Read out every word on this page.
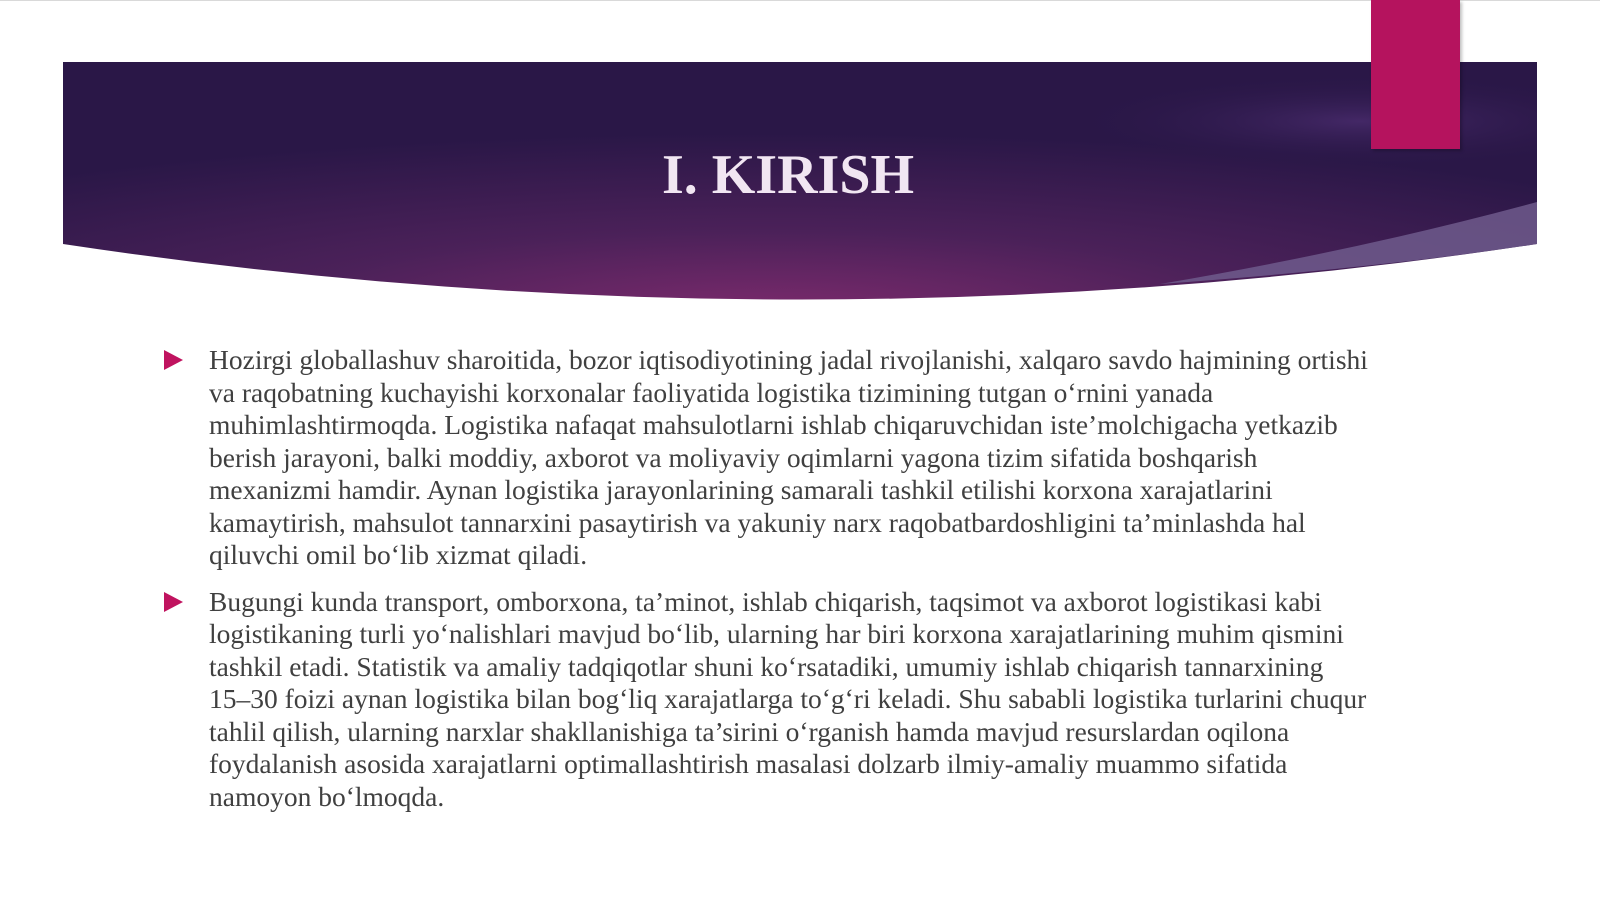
I. KIRISH

Hozirgi globallashuv sharoitida, bozor iqtisodiyotining jadal rivojlanishi, xalqaro savdo hajmining ortishi va raqobatning kuchayishi korxonalar faoliyatida logistika tizimining tutgan o‘rnini yanada muhimlashtirmoqda. Logistika nafaqat mahsulotlarni ishlab chiqaruvchidan iste’molchigacha yetkazib berish jarayoni, balki moddiy, axborot va moliyaviy oqimlarni yagona tizim sifatida boshqarish mexanizmi hamdir. Aynan logistika jarayonlarining samarali tashkil etilishi korxona xarajatlarini kamaytirish, mahsulot tannarxini pasaytirish va yakuniy narx raqobatbardoshligini ta’minlashda hal qiluvchi omil bo‘lib xizmat qiladi.

Bugungi kunda transport, omborxona, ta’minot, ishlab chiqarish, taqsimot va axborot logistikasi kabi logistikaning turli yo‘nalishlari mavjud bo‘lib, ularning har biri korxona xarajatlarining muhim qismini tashkil etadi. Statistik va amaliy tadqiqotlar shuni ko‘rsatadiki, umumiy ishlab chiqarish tannarxining 15–30 foizi aynan logistika bilan bog‘liq xarajatlarga to‘g‘ri keladi. Shu sababli logistika turlarini chuqur tahlil qilish, ularning narxlar shakllanishiga ta’sirini o‘rganish hamda mavjud resurslardan oqilona foydalanish asosida xarajatlarni optimallashtirish masalasi dolzarb ilmiy-amaliy muammo sifatida namoyon bo‘lmoqda.
